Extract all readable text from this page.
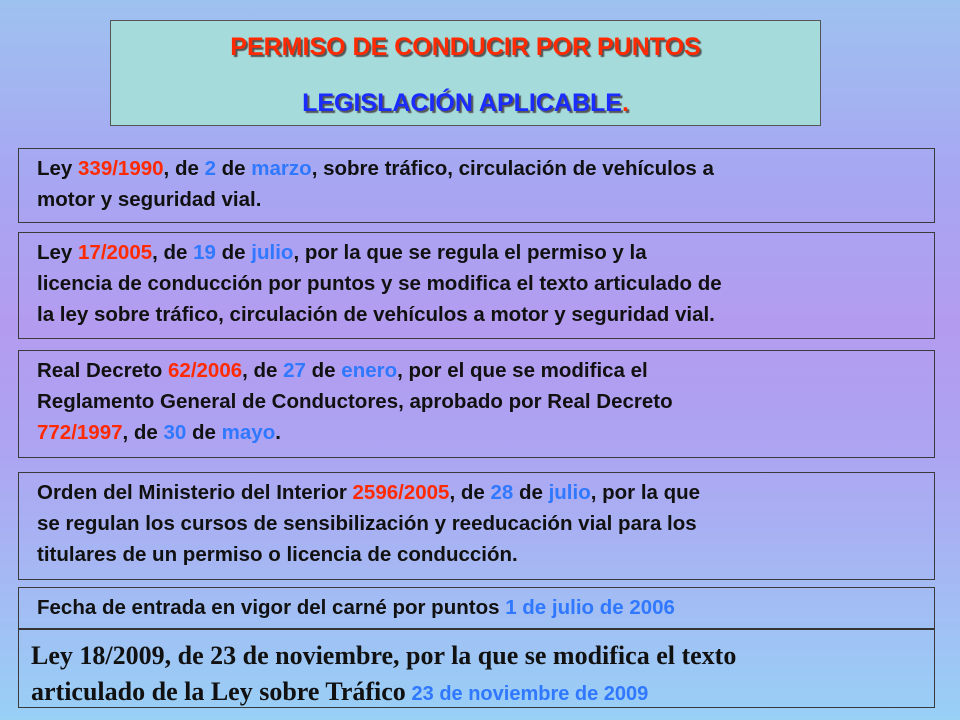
PERMISO DE CONDUCIR POR PUNTOS
LEGISLACIÓN APLICABLE.
Ley 339/1990, de 2 de marzo, sobre tráfico, circulación de vehículos a
motor y seguridad vial.
Ley 17/2005, de 19 de julio, por la que se regula el permiso y la
licencia de conducción por puntos y se modifica el texto articulado de
la ley sobre tráfico, circulación de vehículos a motor y seguridad vial.
Real Decreto 62/2006, de 27 de enero, por el que se modifica el
Reglamento General de Conductores, aprobado por Real Decreto
772/1997, de 30 de mayo.
Orden del Ministerio del Interior 2596/2005, de 28 de julio, por la que
se regulan los cursos de sensibilización y reeducación vial para los
titulares de un permiso o licencia de conducción.
Fecha de entrada en vigor del carné por puntos 1 de julio de 2006
Ley 18/2009, de 23 de noviembre, por la que se modifica el texto
articulado de la Ley sobre Tráfico 23 de noviembre de 2009
